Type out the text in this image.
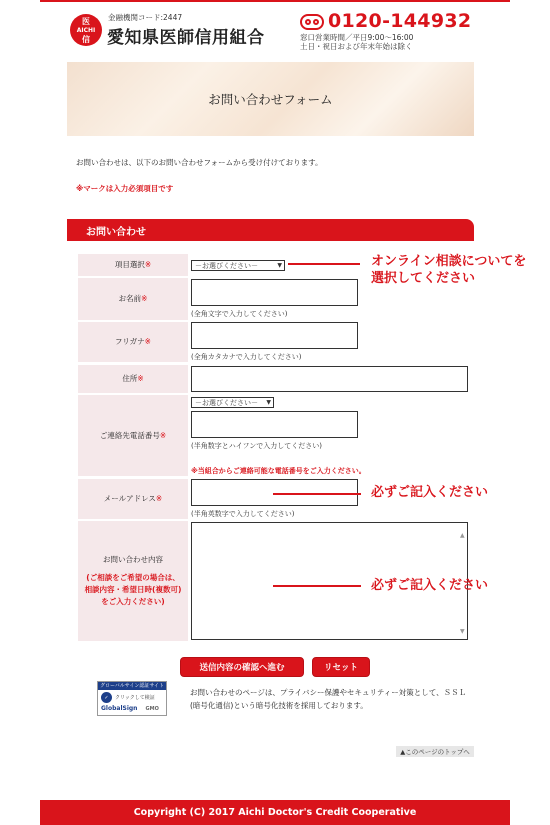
医
AICHI
信
金融機関コード:2447
愛知県医師信用組合
0120-144932
窓口営業時間／平日9:00～16:00
土日・祝日および年末年始は除く
お問い合わせフォーム
お問い合わせは、以下のお問い合わせフォームから受け付けております。
※マークは入力必須項目です
お問い合わせ
項目選択※	－お選びください－	▼
お名前※
(全角文字で入力してください)
フリガナ※
(全角カタカナで入力してください)
住所※
ご連絡先電話番号※
－お選びください－ ▼
(半角数字とハイフンで入力してください)
※当組合からご連絡可能な電話番号をご入力ください。
メールアドレス※
(半角英数字で入力してください)
お問い合わせ内容
(ご相談をご希望の場合は、
相談内容・希望日時(複数可)
をご入力ください)
▲
▼
オンライン相談についてを
選択してください
必ずご記入ください
必ずご記入ください
送信内容の確認へ進む	リセット
グローバルサイン認証サイト
✓	クリックして検証
GlobalSign GMO
お問い合わせのページは、プライバシー保護やセキュリティー対策として、ＳＳＬ(暗号化通信)という暗号化技術を採用しております。
▲このページのトップへ
Copyright (C) 2017 Aichi Doctor's Credit Cooperative
